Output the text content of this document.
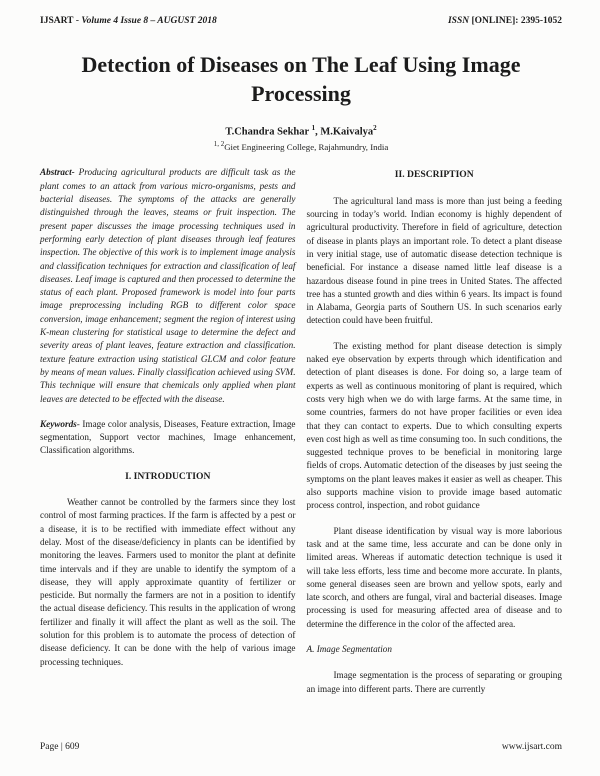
IJSART - Volume 4 Issue 8 – AUGUST 2018	ISSN [ONLINE]: 2395-1052
Detection of Diseases on The Leaf Using Image
Processing
T.Chandra Sekhar $^1$, M.Kaivalya$^2$
$^{1, 2}$Giet Engineering College, Rajahmundry, India

Abstract- Producing agricultural products are difficult task as the plant comes to an attack from various micro-organisms, pests and bacterial diseases. The symptoms of the attacks are generally distinguished through the leaves, steams or fruit inspection. The present paper discusses the image processing techniques used in performing early detection of plant diseases through leaf features inspection. The objective of this work is to implement image analysis and classification techniques for extraction and classification of leaf diseases. Leaf image is captured and then processed to determine the status of each plant. Proposed framework is model into four parts image preprocessing including RGB to different color space conversion, image enhancement; segment the region of interest using K-mean clustering for statistical usage to determine the defect and severity areas of plant leaves, feature extraction and classification. texture feature extraction using statistical GLCM and color feature by means of mean values. Finally classification achieved using SVM. This technique will ensure that chemicals only applied when plant leaves are detected to be effected with the disease.

Keywords- Image color analysis, Diseases, Feature extraction, Image segmentation, Support vector machines, Image enhancement, Classification algorithms.

I. INTRODUCTION

Weather cannot be controlled by the farmers since they lost control of most farming practices. If the farm is affected by a pest or a disease, it is to be rectified with immediate effect without any delay. Most of the disease/deficiency in plants can be identified by monitoring the leaves. Farmers used to monitor the plant at definite time intervals and if they are unable to identify the symptom of a disease, they will apply approximate quantity of fertilizer or pesticide. But normally the farmers are not in a position to identify the actual disease deficiency. This results in the application of wrong fertilizer and finally it will affect the plant as well as the soil. The solution for this problem is to automate the process of detection of disease deficiency. It can be done with the help of various image processing techniques.

II. DESCRIPTION

The agricultural land mass is more than just being a feeding sourcing in today’s world. Indian economy is highly dependent of agricultural productivity. Therefore in field of agriculture, detection of disease in plants plays an important role. To detect a plant disease in very initial stage, use of automatic disease detection technique is beneficial. For instance a disease named little leaf disease is a hazardous disease found in pine trees in United States. The affected tree has a stunted growth and dies within 6 years. Its impact is found in Alabama, Georgia parts of Southern US. In such scenarios early detection could have been fruitful.

The existing method for plant disease detection is simply naked eye observation by experts through which identification and detection of plant diseases is done. For doing so, a large team of experts as well as continuous monitoring of plant is required, which costs very high when we do with large farms. At the same time, in some countries, farmers do not have proper facilities or even idea that they can contact to experts. Due to which consulting experts even cost high as well as time consuming too. In such conditions, the suggested technique proves to be beneficial in monitoring large fields of crops. Automatic detection of the diseases by just seeing the symptoms on the plant leaves makes it easier as well as cheaper. This also supports machine vision to provide image based automatic process control, inspection, and robot guidance

Plant disease identification by visual way is more laborious task and at the same time, less accurate and can be done only in limited areas. Whereas if automatic detection technique is used it will take less efforts, less time and become more accurate. In plants, some general diseases seen are brown and yellow spots, early and late scorch, and others are fungal, viral and bacterial diseases. Image processing is used for measuring affected area of disease and to determine the difference in the color of the affected area.

A. Image Segmentation

Image segmentation is the process of separating or grouping an image into different parts. There are currently

Page | 609	www.ijsart.com
